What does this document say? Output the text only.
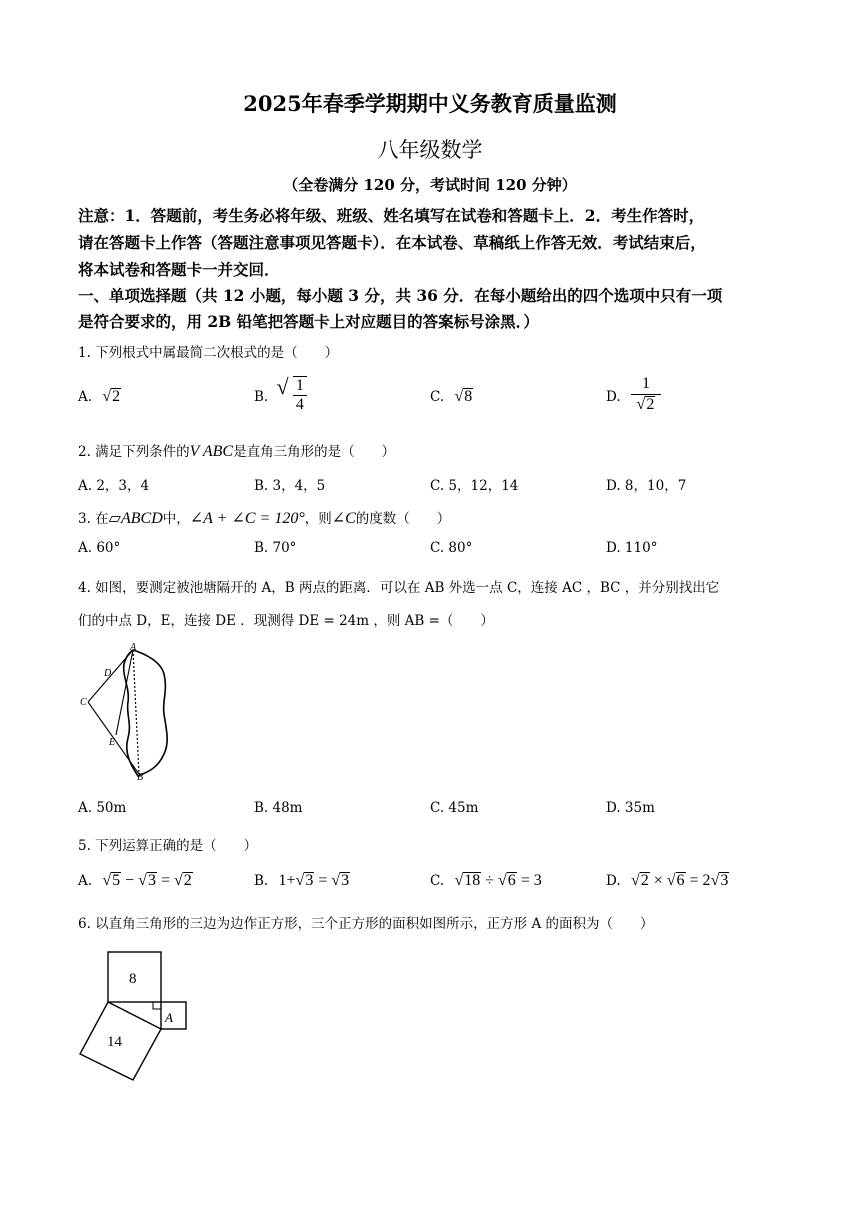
2025年春季学期期中义务教育质量监测
八年级数学
（全卷满分 120 分，考试时间 120 分钟）
注意：1．答题前，考生务必将年级、班级、姓名填写在试卷和答题卡上．2．考生作答时，
请在答题卡上作答（答题注意事项见答题卡）．在本试卷、草稿纸上作答无效．考试结束后，
将本试卷和答题卡一并交回．
一、单项选择题（共 12 小题，每小题 3 分，共 36 分．在每小题给出的四个选项中只有一项
是符合要求的，用 2B 铅笔把答题卡上对应题目的答案标号涂黑．）
1. 下列根式中属最简二次根式的是（　　）
A. √2	B. √ $\frac{1}{4}$	C. √8	D. $\frac{1}{√2}$
2. 满足下列条件的V ABC是直角三角形的是（　　）
A. 2，3，4	B. 3，4，5	C. 5，12，14	D. 8，10，7
3. 在▱ABCD中，∠A + ∠C = 120°，则∠C的度数（　　）
A. 60°	B. 70°	C. 80°	D. 110°
4. 如图，要测定被池塘隔开的 A，B 两点的距离．可以在 AB 外选一点 C，连接 AC ，BC ，并分别找出它
们的中点 D，E，连接 DE ．现测得 DE = 24m ，则 AB =（　　）
A
D
C
E
B
A. 50m	B. 48m	C. 45m	D. 35m
5. 下列运算正确的是（　　）
A. √5 − √3 = √2	B. 1+√3 = √3	C. √18 ÷ √6 = 3	D. √2 × √6 = 2√3
6. 以直角三角形的三边为边作正方形，三个正方形的面积如图所示，正方形 A 的面积为（　　）
8
A
14
